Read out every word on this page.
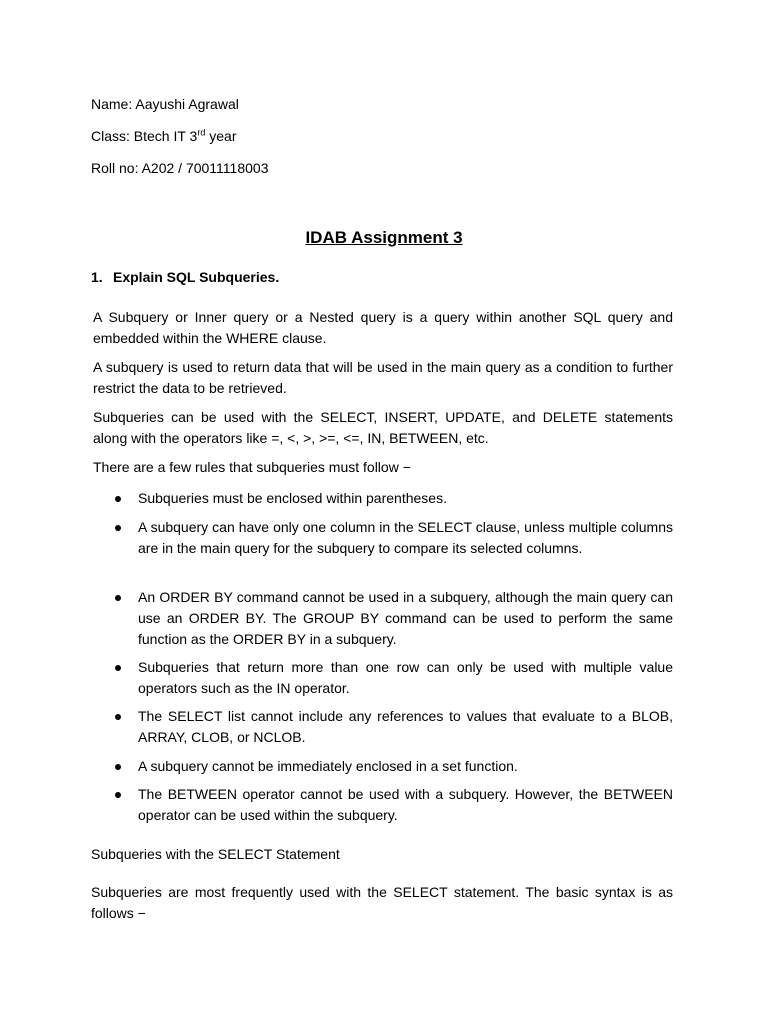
Name: Aayushi Agrawal

Class: Btech IT 3rd year

Roll no: A202 / 70011118003

IDAB Assignment 3

1. Explain SQL Subqueries.

A Subquery or Inner query or a Nested query is a query within another SQL query and embedded within the WHERE clause.

A subquery is used to return data that will be used in the main query as a condition to further restrict the data to be retrieved.

Subqueries can be used with the SELECT, INSERT, UPDATE, and DELETE statements along with the operators like =, <, >, >=, <=, IN, BETWEEN, etc.

There are a few rules that subqueries must follow −

Subqueries must be enclosed within parentheses.
A subquery can have only one column in the SELECT clause, unless multiple columns are in the main query for the subquery to compare its selected columns.
An ORDER BY command cannot be used in a subquery, although the main query can use an ORDER BY. The GROUP BY command can be used to perform the same function as the ORDER BY in a subquery.
Subqueries that return more than one row can only be used with multiple value operators such as the IN operator.
The SELECT list cannot include any references to values that evaluate to a BLOB, ARRAY, CLOB, or NCLOB.
A subquery cannot be immediately enclosed in a set function.
The BETWEEN operator cannot be used with a subquery. However, the BETWEEN operator can be used within the subquery.

Subqueries with the SELECT Statement

Subqueries are most frequently used with the SELECT statement. The basic syntax is as follows −
